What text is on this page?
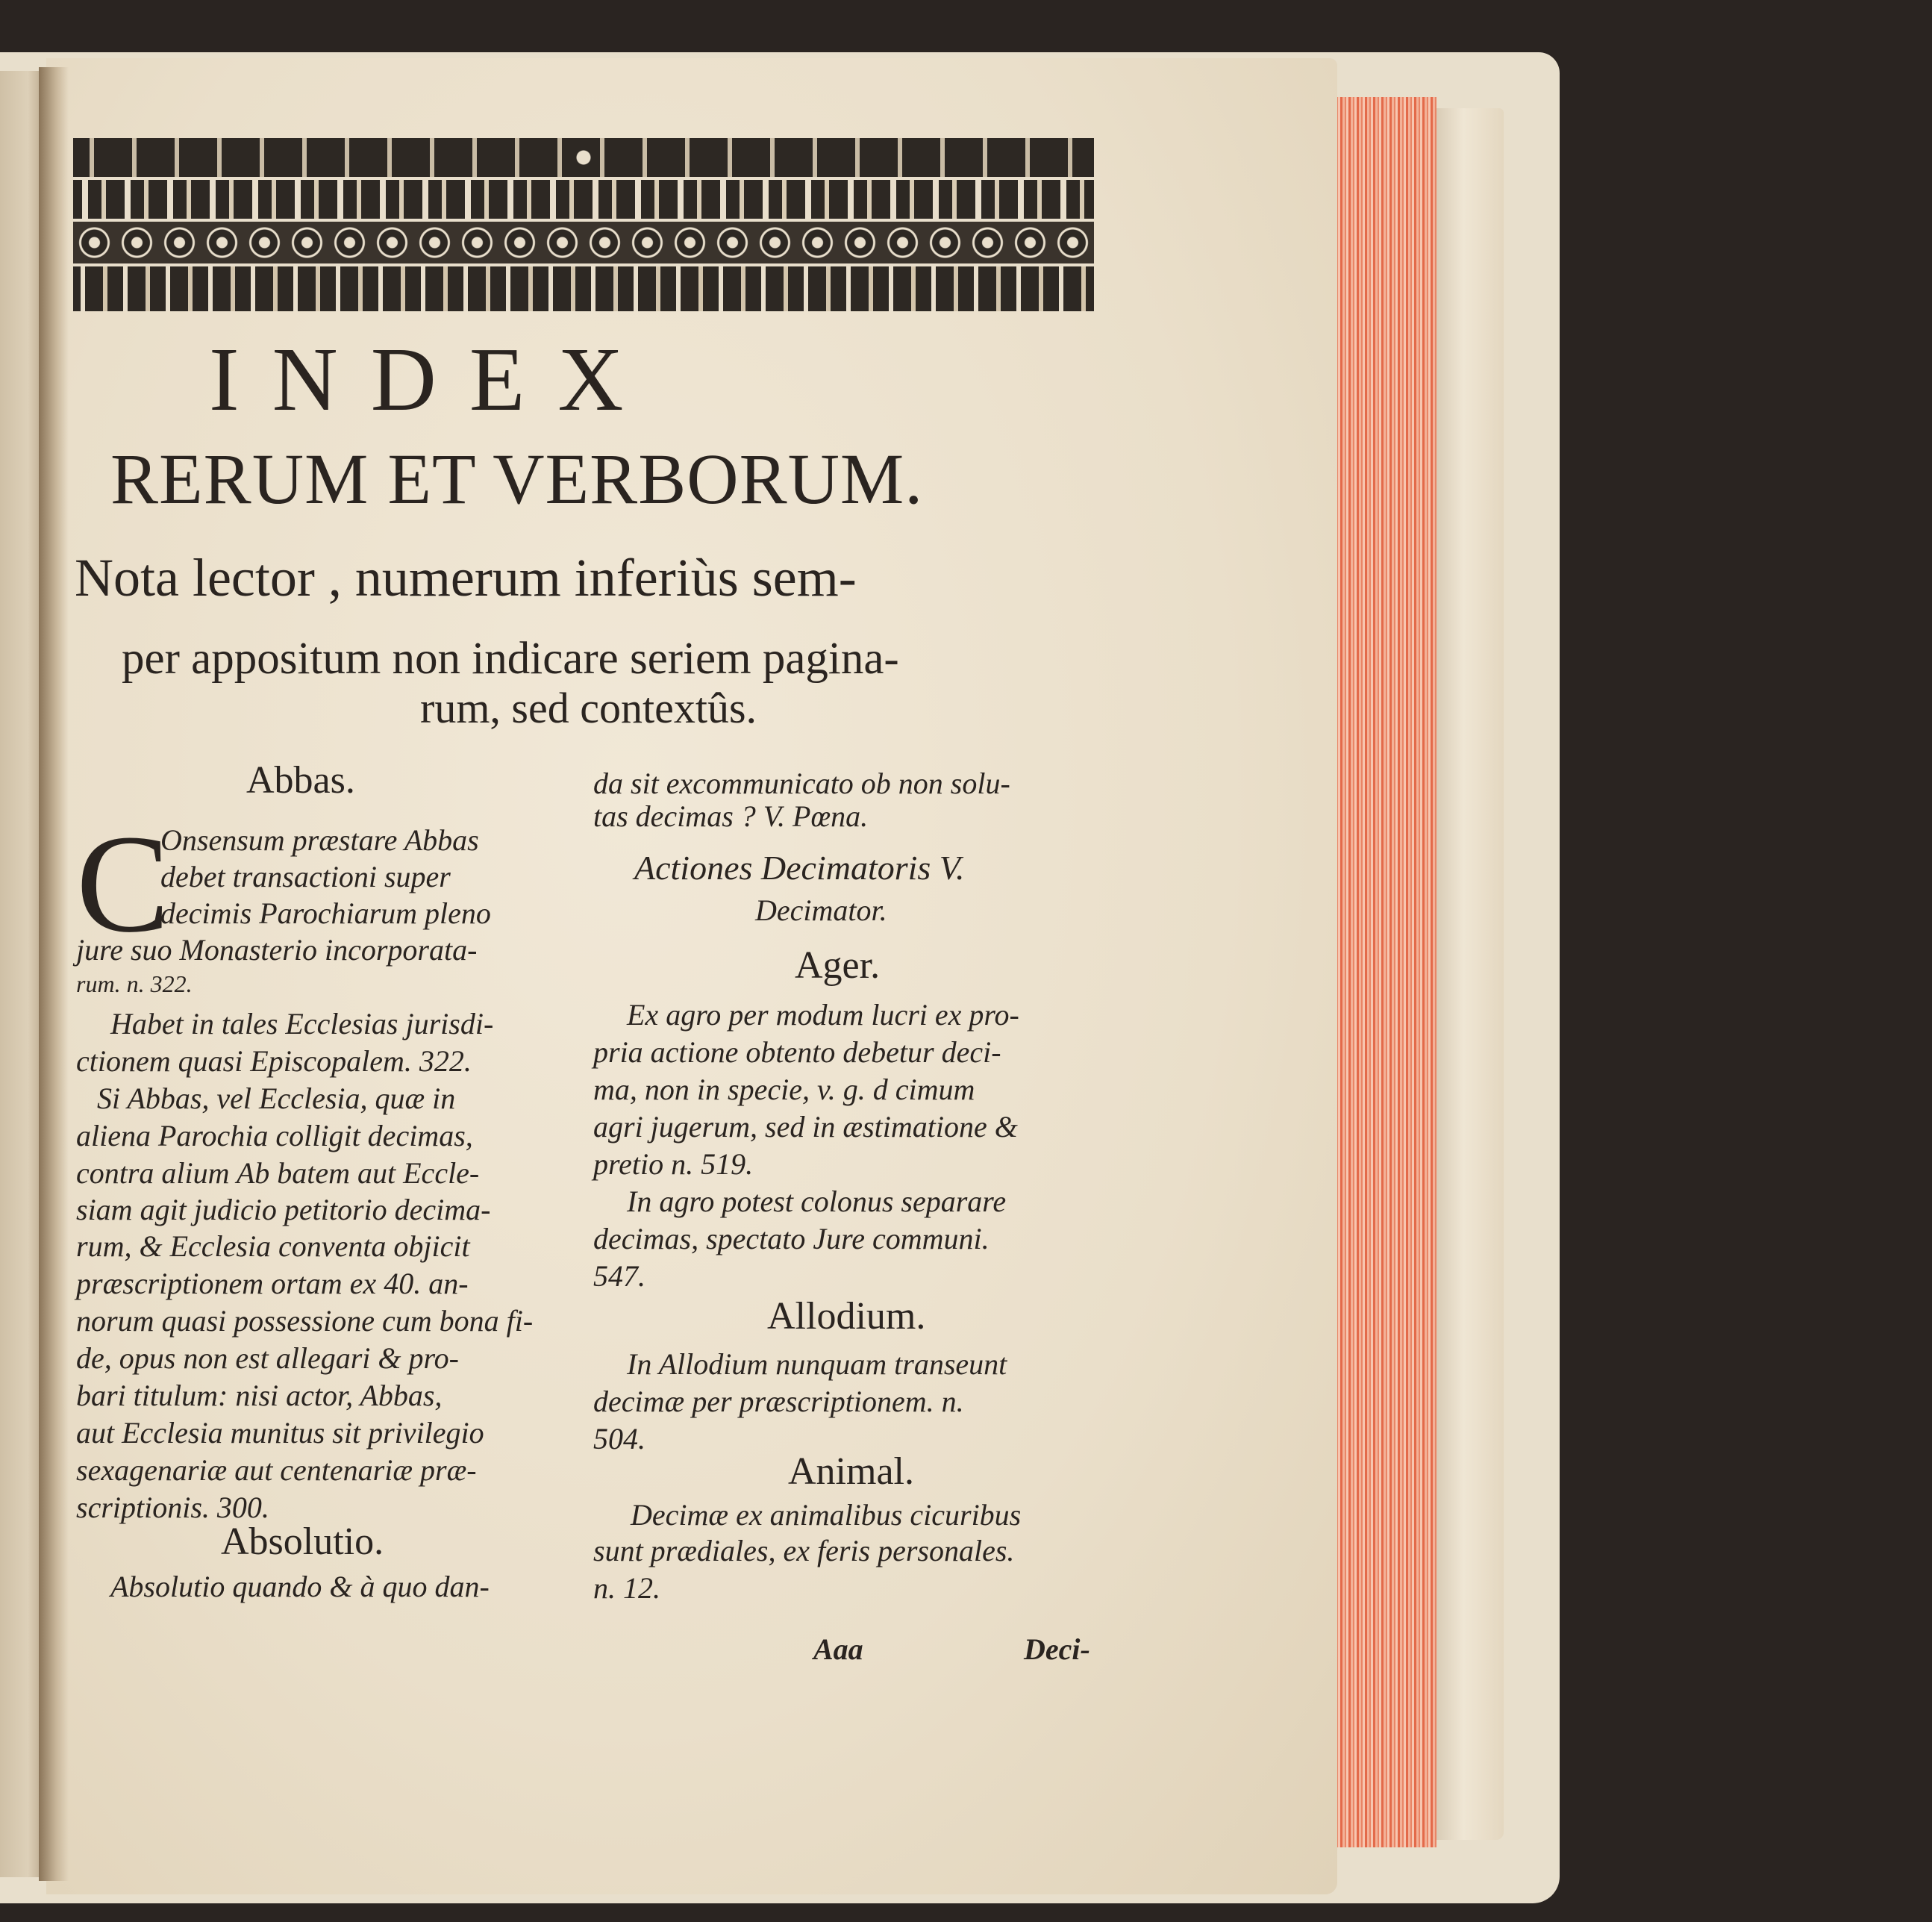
INDEX
RERUM ET VERBORUM.
Nota lector , numerum inferiùs sem-
per appositum non indicare seriem pagina-
rum, sed contextûs.
Abbas.
C
Onsensum præstare Abbas
debet transactioni super
decimis Parochiarum pleno
jure suo Monasterio incorporata-
rum. n. 322.
Habet in tales Ecclesias jurisdi-
ctionem quasi Episcopalem. 322.
Si Abbas, vel Ecclesia, quæ in
aliena Parochia colligit decimas,
contra alium Ab batem aut Eccle-
siam agit judicio petitorio decima-
rum, & Ecclesia conventa objicit
præscriptionem ortam ex 40. an-
norum quasi possessione cum bona fi-
de, opus non est allegari & pro-
bari titulum: nisi actor, Abbas,
aut Ecclesia munitus sit privilegio
sexagenariæ aut centenariæ præ-
scriptionis. 300.
Absolutio.
Absolutio quando & à quo dan-
da sit excommunicato ob non solu-
tas decimas ? V. Pœna.
Actiones Decimatoris V.
Decimator.
Ager.
Ex agro per modum lucri ex pro-
pria actione obtento debetur deci-
ma, non in specie, v. g. d cimum
agri jugerum, sed in æstimatione &
pretio n. 519.
In agro potest colonus separare
decimas, spectato Jure communi.
547.
Allodium.
In Allodium nunquam transeunt
decimæ per præscriptionem. n.
504.
Animal.
Decimæ ex animalibus cicuribus
sunt prædiales, ex feris personales.
n. 12.
Aaa	Deci-
